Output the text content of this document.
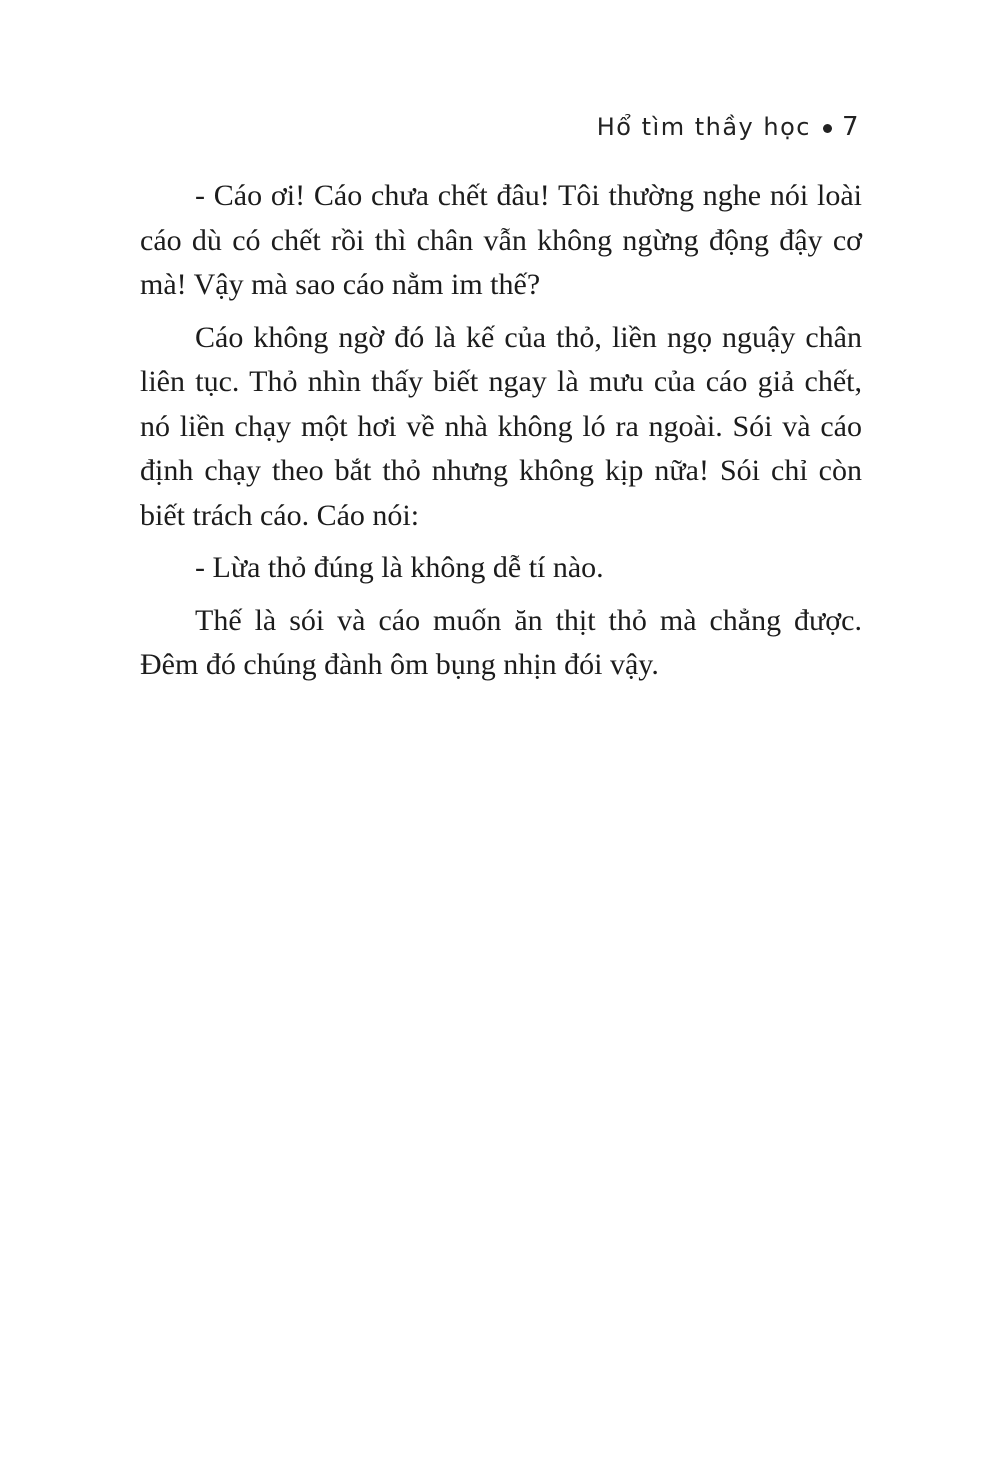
Hổ tìm thầy học 7

- Cáo ơi! Cáo chưa chết đâu! Tôi thường nghe nói loài cáo dù có chết rồi thì chân vẫn không ngừng động đậy cơ mà! Vậy mà sao cáo nằm im thế?

Cáo không ngờ đó là kế của thỏ, liền ngọ nguậy chân liên tục. Thỏ nhìn thấy biết ngay là mưu của cáo giả chết, nó liền chạy một hơi về nhà không ló ra ngoài. Sói và cáo định chạy theo bắt thỏ nhưng không kịp nữa! Sói chỉ còn biết trách cáo. Cáo nói:

- Lừa thỏ đúng là không dễ tí nào.

Thế là sói và cáo muốn ăn thịt thỏ mà chẳng được. Đêm đó chúng đành ôm bụng nhịn đói vậy.
